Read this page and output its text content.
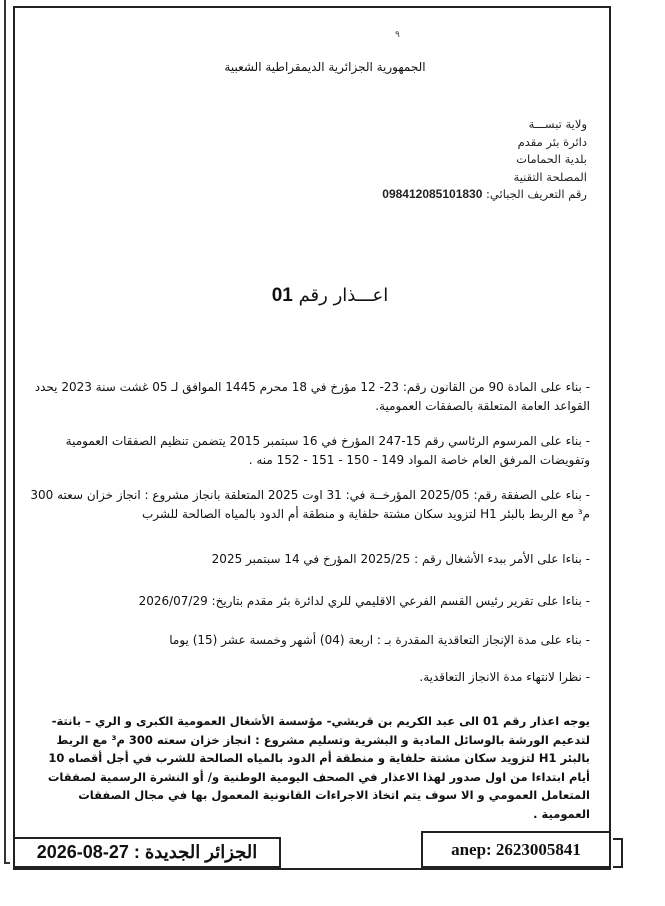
٩
الجمهورية الجزائرية الديمقراطية الشعبية
ولاية تبســـة
دائرة بئر مقدم
بلدية الحمامات
المصلحة التقنية
رقم التعريف الجبائي: 098412085101830
اعـــذار رقم 01
- بناء على المادة 90 من القانون رقم: 23- 12 مؤرخ في 18 محرم 1445 الموافق لـ 05 غشت سنة 2023 يحدد القواعد العامة المتعلقة بالصفقات العمومية.
- بناء على المرسوم الرئاسي رقم 15-247 المؤرخ في 16 سبتمبر 2015 يتضمن تنظيم الصفقات العمومية وتفويضات المرفق العام خاصة المواد 149 - 150 - 151 - 152 منه .
- بناء على الصفقة رقم: 2025/05 المؤرخــة في: 31 اوت 2025 المتعلقة بانجاز مشروع : انجاز خزان سعته 300 م³ مع الربط بالبئر H1 لتزويد سكان مشتة حلفاية و منطقة أم الدود بالمياه الصالحة للشرب
- بناءا على الأمر ببدء الأشغال رقم : 2025/25 المؤرخ في 14 سبتمبر 2025
- بناءا على تقرير رئيس القسم الفرعي الاقليمي للري لدائرة بئر مقدم بتاريخ: 2026/07/29
- بناء على مدة الإنجاز التعاقدية المقدرة بـ : اربعة (04) أشهر وخمسة عشر (15) يوما
- نظرا لانتهاء مدة الانجاز التعاقدية.
يوجه اعذار رقم 01 الى عبد الكريم بن قريشي- مؤسسة الأشغال العمومية الكبرى و الري – بانتة- لتدعيم الورشة بالوسائل المادية و البشرية وتسليم مشروع : انجاز خزان سعته 300 م³ مع الربط بالبئر H1 لتزويد سكان مشتة حلفاية و منطقة أم الدود بالمياه الصالحة للشرب في أجل أقصاه 10 أيام ابتداءا من اول صدور لهذا الاعذار في الصحف اليومية الوطنية و/ أو النشرة الرسمية لصفقات المتعامل العمومي و الا سوف يتم اتخاذ الاجراءات القانونية المعمول بها في مجال الصفقات العمومية .
الجزائر الجديدة : 27-08-2026	anep: 2623005841
